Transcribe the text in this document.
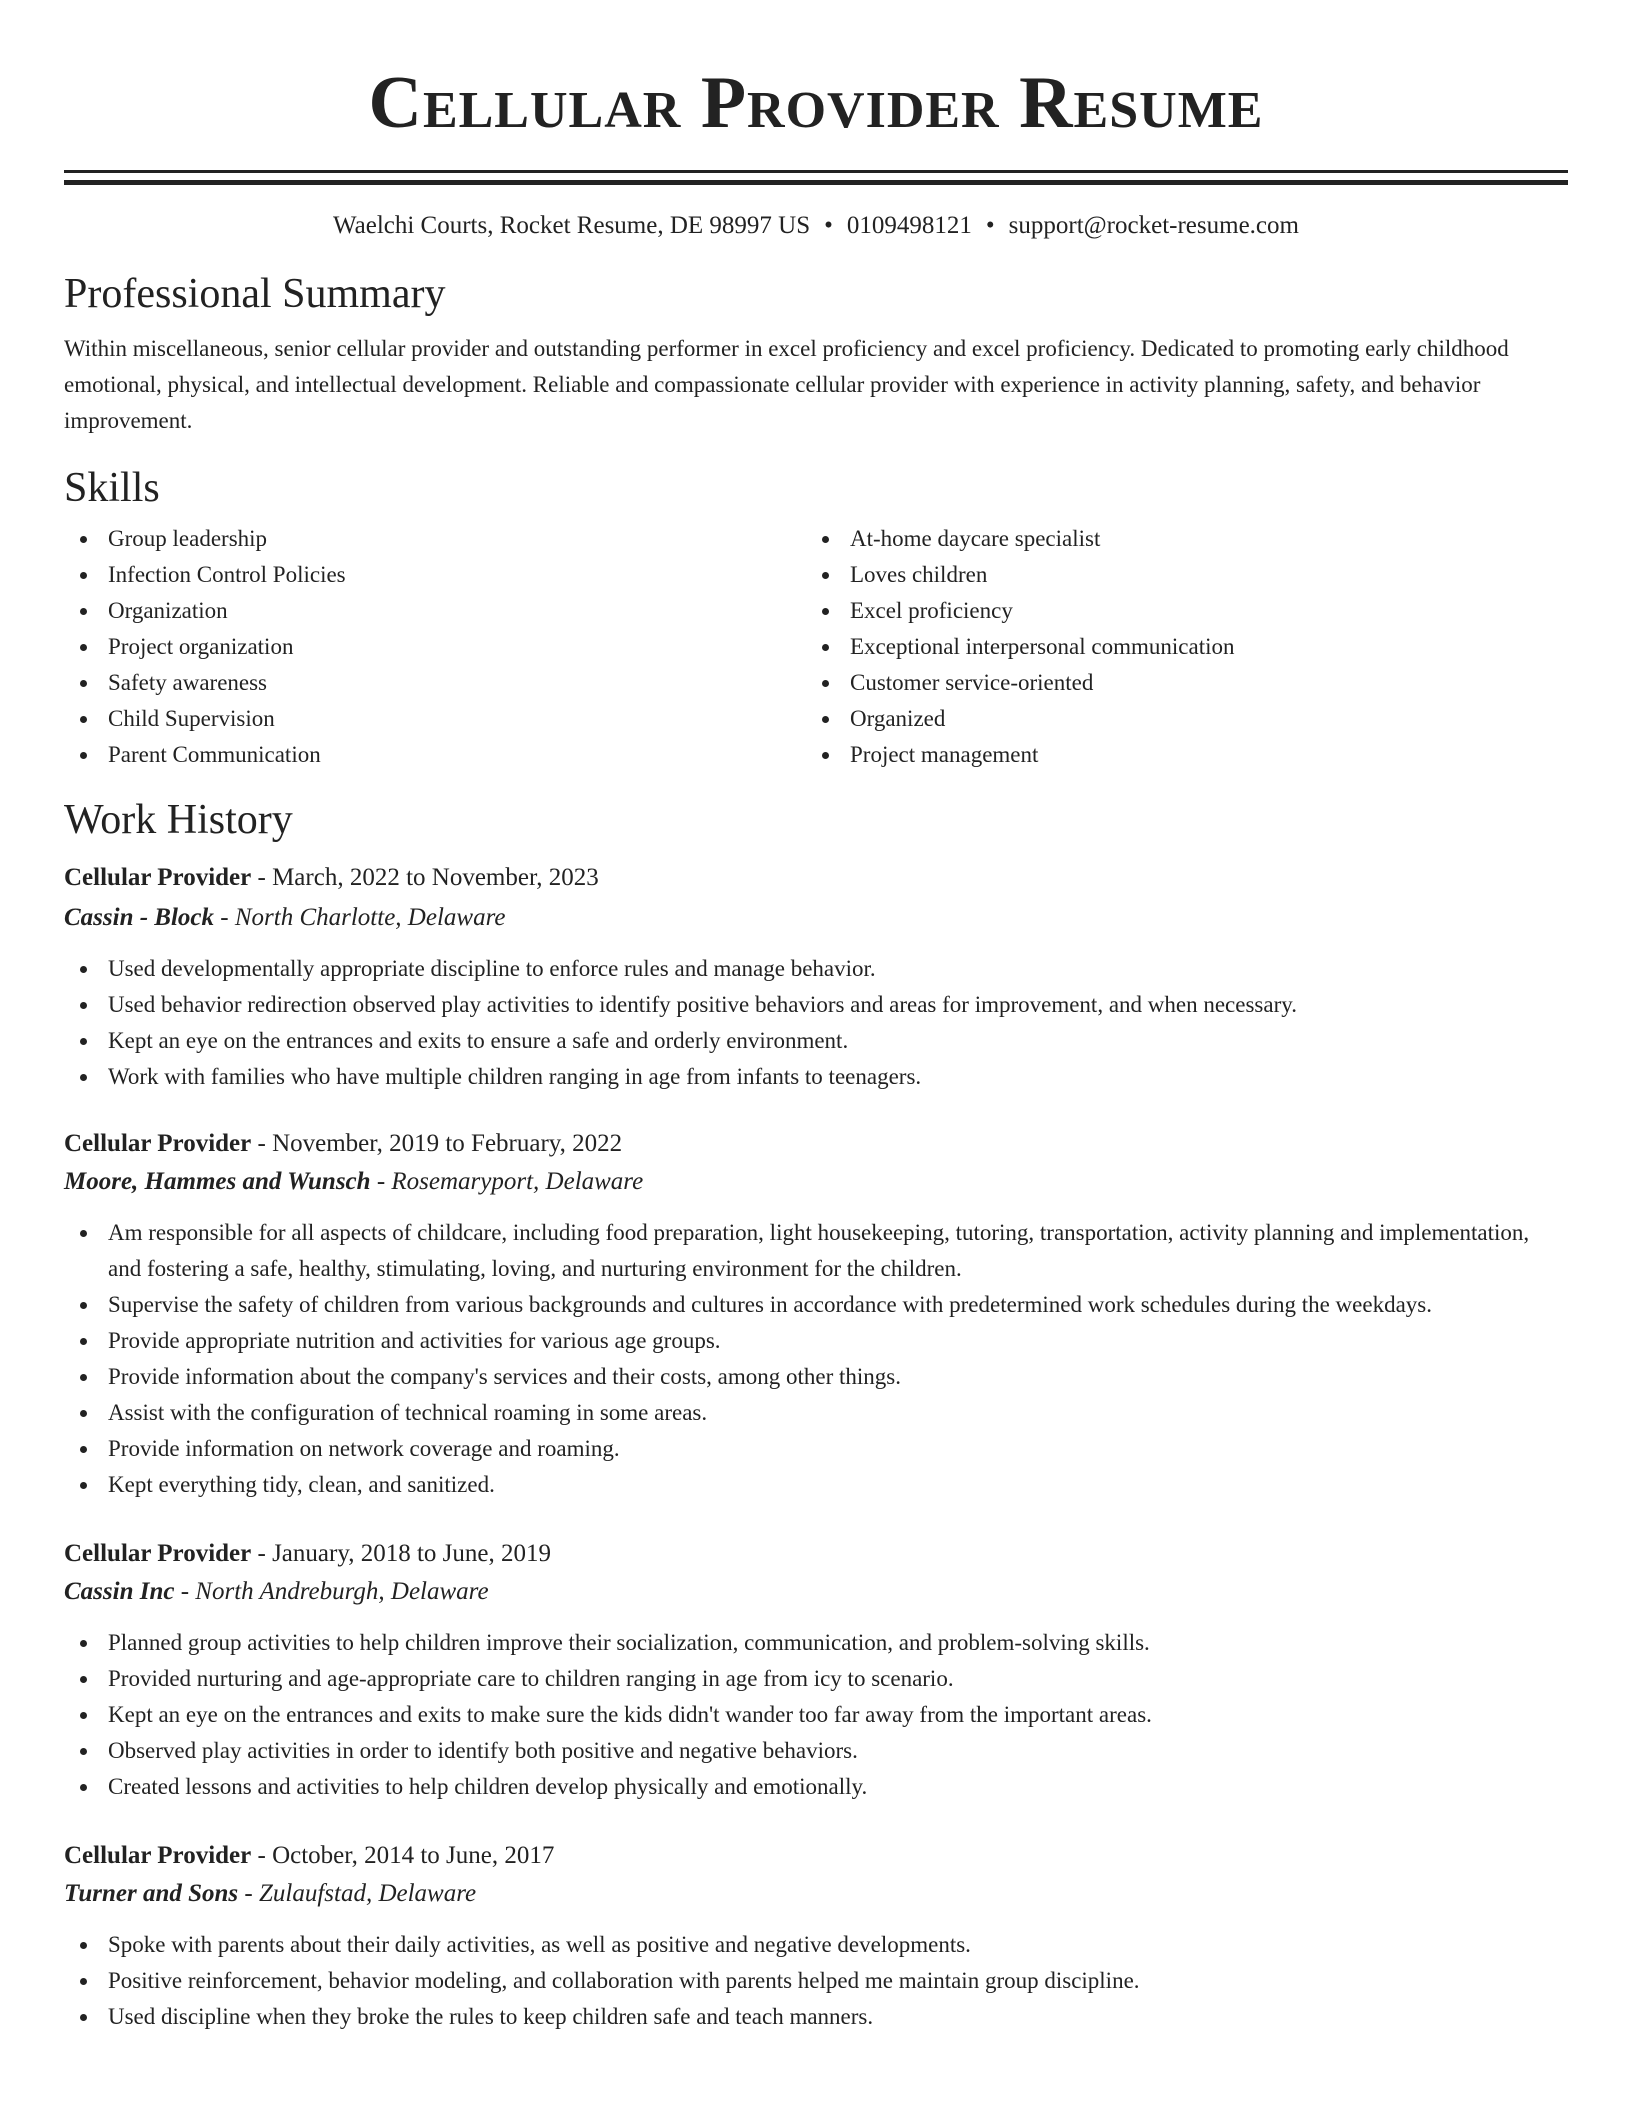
Cellular Provider Resume
Waelchi Courts, Rocket Resume, DE 98997 US • 0109498121 • support@rocket-resume.com
Professional Summary

Within miscellaneous, senior cellular provider and outstanding performer in excel proficiency and excel proficiency. Dedicated to promoting early childhood emotional, physical, and intellectual development. Reliable and compassionate cellular provider with experience in activity planning, safety, and behavior improvement.

Skills
Group leadership
Infection Control Policies
Organization
Project organization
Safety awareness
Child Supervision
Parent Communication
At-home daycare specialist
Loves children
Excel proficiency
Exceptional interpersonal communication
Customer service-oriented
Organized
Project management
Work History
Cellular Provider - March, 2022 to November, 2023
Cassin - Block - North Charlotte, Delaware
Used developmentally appropriate discipline to enforce rules and manage behavior.
Used behavior redirection observed play activities to identify positive behaviors and areas for improvement, and when necessary.
Kept an eye on the entrances and exits to ensure a safe and orderly environment.
Work with families who have multiple children ranging in age from infants to teenagers.
Cellular Provider - November, 2019 to February, 2022
Moore, Hammes and Wunsch - Rosemaryport, Delaware
Am responsible for all aspects of childcare, including food preparation, light housekeeping, tutoring, transportation, activity planning and implementation, and fostering a safe, healthy, stimulating, loving, and nurturing environment for the children.
Supervise the safety of children from various backgrounds and cultures in accordance with predetermined work schedules during the weekdays.
Provide appropriate nutrition and activities for various age groups.
Provide information about the company's services and their costs, among other things.
Assist with the configuration of technical roaming in some areas.
Provide information on network coverage and roaming.
Kept everything tidy, clean, and sanitized.
Cellular Provider - January, 2018 to June, 2019
Cassin Inc - North Andreburgh, Delaware
Planned group activities to help children improve their socialization, communication, and problem-solving skills.
Provided nurturing and age-appropriate care to children ranging in age from icy to scenario.
Kept an eye on the entrances and exits to make sure the kids didn't wander too far away from the important areas.
Observed play activities in order to identify both positive and negative behaviors.
Created lessons and activities to help children develop physically and emotionally.
Cellular Provider - October, 2014 to June, 2017
Turner and Sons - Zulaufstad, Delaware
Spoke with parents about their daily activities, as well as positive and negative developments.
Positive reinforcement, behavior modeling, and collaboration with parents helped me maintain group discipline.
Used discipline when they broke the rules to keep children safe and teach manners.
